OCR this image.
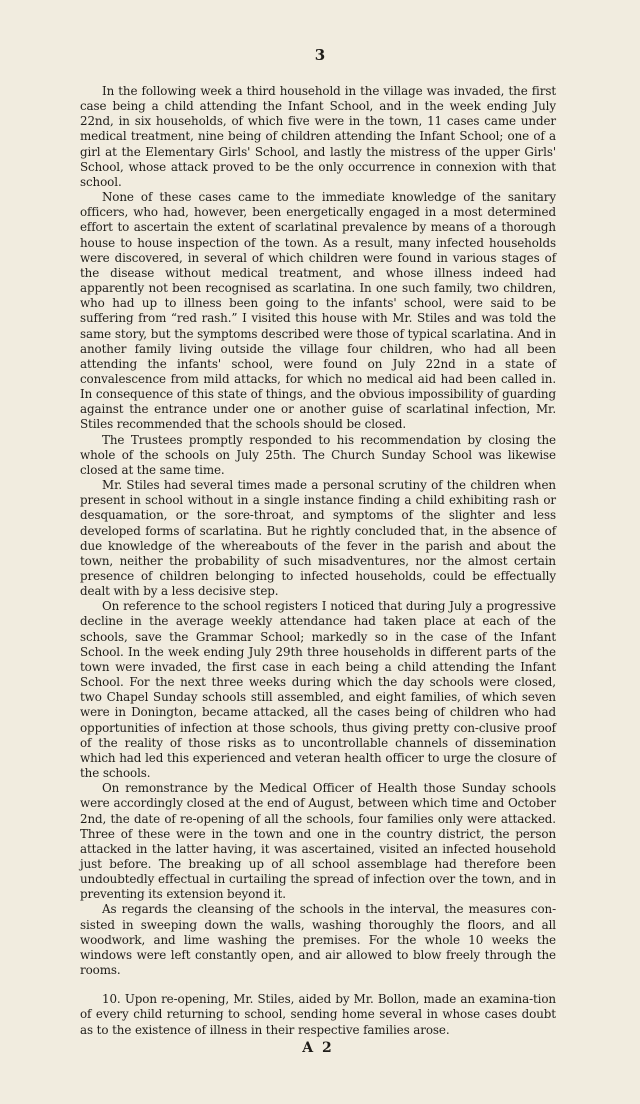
3

In the following week a third household in the village was invaded, the first case being a child attending the Infant School, and in the week ending July 22nd, in six households, of which five were in the town, 11 cases came under medical treatment, nine being of children attending the Infant School; one of a girl at the Elementary Girls' School, and lastly the mistress of the upper Girls' School, whose attack proved to be the only occurrence in connexion with that school.

None of these cases came to the immediate knowledge of the sanitary officers, who had, however, been energetically engaged in a most determined effort to ascertain the extent of scarlatinal prevalence by means of a thorough house to house inspection of the town. As a result, many infected households were discovered, in several of which children were found in various stages of the disease without medical treatment, and whose illness indeed had apparently not been recognised as scarlatina. In one such family, two children, who had up to illness been going to the infants' school, were said to be suffering from “red rash.” I visited this house with Mr. Stiles and was told the same story, but the symptoms described were those of typical scarlatina. And in another family living outside the village four children, who had all been attending the infants' school, were found on July 22nd in a state of convalescence from mild attacks, for which no medical aid had been called in. In consequence of this state of things, and the obvious impossibility of guarding against the entrance under one or another guise of scarlatinal infection, Mr. Stiles recommended that the schools should be closed.

The Trustees promptly responded to his recommendation by closing the whole of the schools on July 25th. The Church Sunday School was likewise closed at the same time.

Mr. Stiles had several times made a personal scrutiny of the children when present in school without in a single instance finding a child exhibiting rash or desquamation, or the sore-throat, and symptoms of the slighter and less developed forms of scarlatina. But he rightly concluded that, in the absence of due knowledge of the whereabouts of the fever in the parish and about the town, neither the probability of such misadventures, nor the almost certain presence of children belonging to infected households, could be effectually dealt with by a less decisive step.

On reference to the school registers I noticed that during July a progressive decline in the average weekly attendance had taken place at each of the schools, save the Grammar School; markedly so in the case of the Infant School. In the week ending July 29th three households in different parts of the town were invaded, the first case in each being a child attending the Infant School. For the next three weeks during which the day schools were closed, two Chapel Sunday schools still assembled, and eight families, of which seven were in Donington, became attacked, all the cases being of children who had opportunities of infection at those schools, thus giving pretty con-clusive proof of the reality of those risks as to uncontrollable channels of dissemination which had led this experienced and veteran health officer to urge the closure of the schools.

On remonstrance by the Medical Officer of Health those Sunday schools were accordingly closed at the end of August, between which time and October 2nd, the date of re-opening of all the schools, four families only were attacked. Three of these were in the town and one in the country district, the person attacked in the latter having, it was ascertained, visited an infected household just before. The breaking up of all school assemblage had therefore been undoubtedly effectual in curtailing the spread of infection over the town, and in preventing its extension beyond it.

As regards the cleansing of the schools in the interval, the measures con-sisted in sweeping down the walls, washing thoroughly the floors, and all woodwork, and lime washing the premises. For the whole 10 weeks the windows were left constantly open, and air allowed to blow freely through the rooms.

10. Upon re-opening, Mr. Stiles, aided by Mr. Bollon, made an examina-tion of every child returning to school, sending home several in whose cases doubt as to the existence of illness in their respective families arose.

A 2
